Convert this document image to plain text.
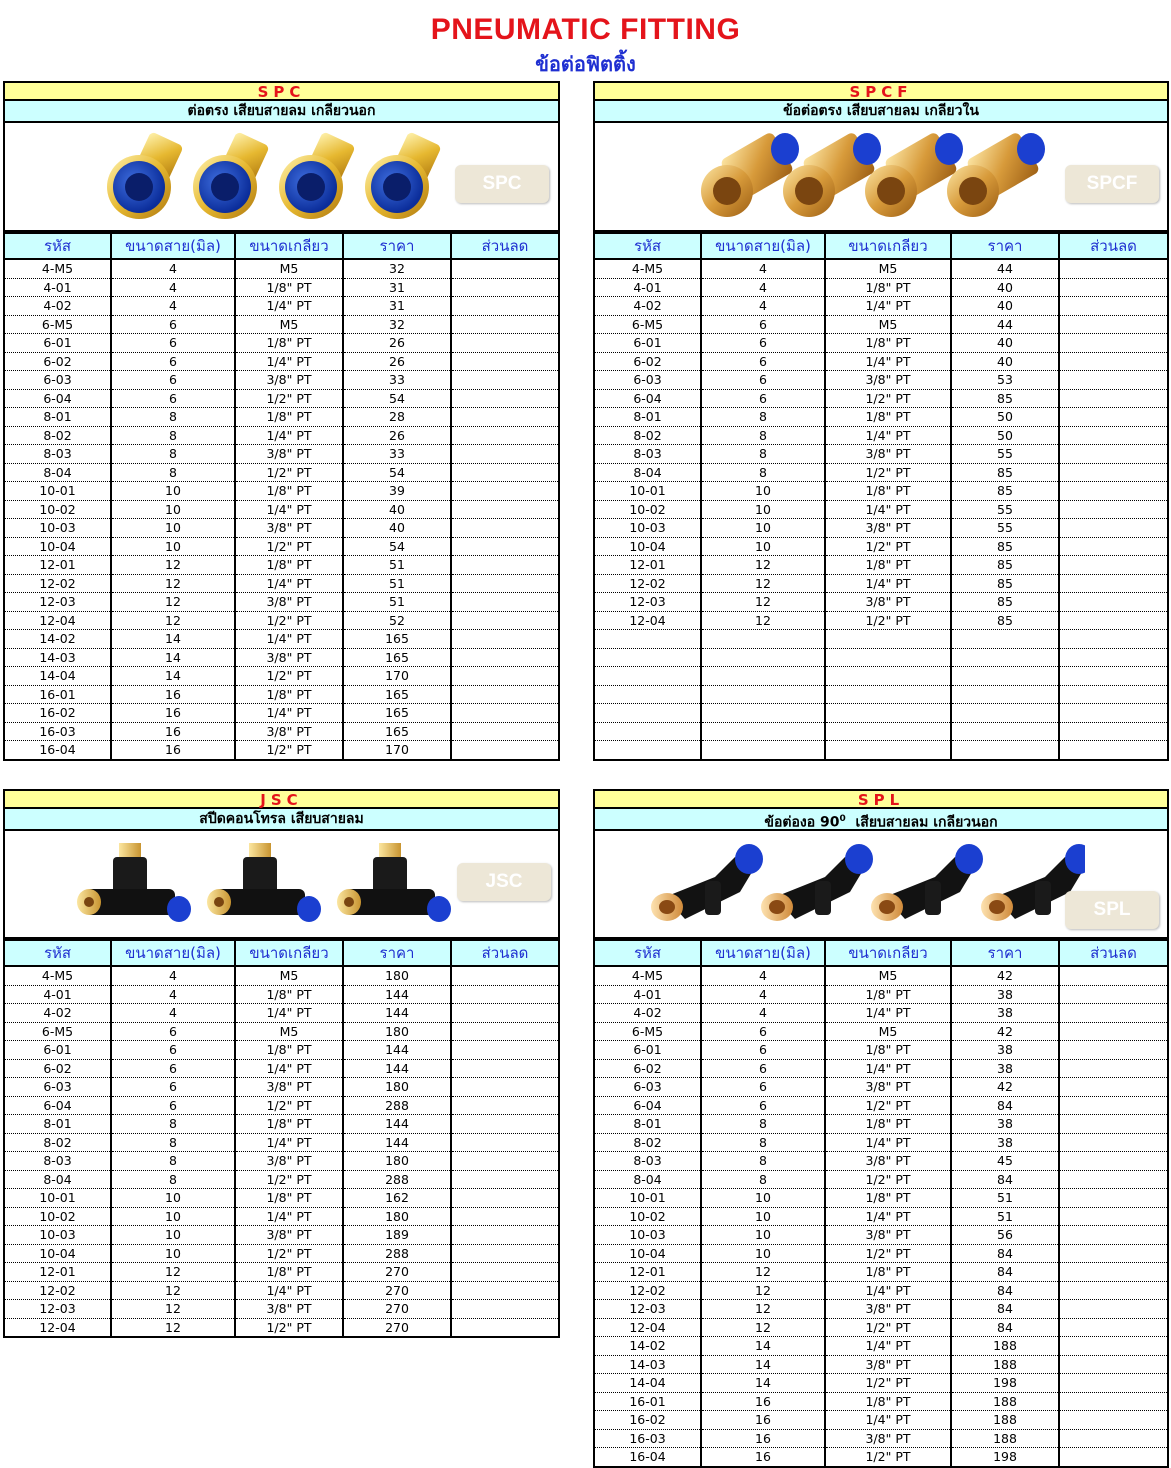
PNEUMATIC FITTING
ข้อต่อฟิตติ้ง
SPC
ต่อตรง เสียบสายลม เกลียวนอก
SPC
รหัส	ขนาดสาย(มิล)	ขนาดเกลียว	ราคา	ส่วนลด
4-M5	4	M5	32	
4-01	4	1/8" PT	31	
4-02	4	1/4" PT	31	
6-M5	6	M5	32	
6-01	6	1/8" PT	26	
6-02	6	1/4" PT	26	
6-03	6	3/8" PT	33	
6-04	6	1/2" PT	54	
8-01	8	1/8" PT	28	
8-02	8	1/4" PT	26	
8-03	8	3/8" PT	33	
8-04	8	1/2" PT	54	
10-01	10	1/8" PT	39	
10-02	10	1/4" PT	40	
10-03	10	3/8" PT	40	
10-04	10	1/2" PT	54	
12-01	12	1/8" PT	51	
12-02	12	1/4" PT	51	
12-03	12	3/8" PT	51	
12-04	12	1/2" PT	52	
14-02	14	1/4" PT	165	
14-03	14	3/8" PT	165	
14-04	14	1/2" PT	170	
16-01	16	1/8" PT	165	
16-02	16	1/4" PT	165	
16-03	16	3/8" PT	165	
16-04	16	1/2" PT	170	
SPCF
ข้อต่อตรง เสียบสายลม เกลียวใน
SPCF
รหัส	ขนาดสาย(มิล)	ขนาดเกลียว	ราคา	ส่วนลด
4-M5	4	M5	44	
4-01	4	1/8" PT	40	
4-02	4	1/4" PT	40	
6-M5	6	M5	44	
6-01	6	1/8" PT	40	
6-02	6	1/4" PT	40	
6-03	6	3/8" PT	53	
6-04	6	1/2" PT	85	
8-01	8	1/8" PT	50	
8-02	8	1/4" PT	50	
8-03	8	3/8" PT	55	
8-04	8	1/2" PT	85	
10-01	10	1/8" PT	85	
10-02	10	1/4" PT	55	
10-03	10	3/8" PT	55	
10-04	10	1/2" PT	85	
12-01	12	1/8" PT	85	
12-02	12	1/4" PT	85	
12-03	12	3/8" PT	85	
12-04	12	1/2" PT	85	

JSC
สปีดคอนโทรล เสียบสายลม
JSC
รหัส	ขนาดสาย(มิล)	ขนาดเกลียว	ราคา	ส่วนลด
4-M5	4	M5	180	
4-01	4	1/8" PT	144	
4-02	4	1/4" PT	144	
6-M5	6	M5	180	
6-01	6	1/8" PT	144	
6-02	6	1/4" PT	144	
6-03	6	3/8" PT	180	
6-04	6	1/2" PT	288	
8-01	8	1/8" PT	144	
8-02	8	1/4" PT	144	
8-03	8	3/8" PT	180	
8-04	8	1/2" PT	288	
10-01	10	1/8" PT	162	
10-02	10	1/4" PT	180	
10-03	10	3/8" PT	189	
10-04	10	1/2" PT	288	
12-01	12	1/8" PT	270	
12-02	12	1/4" PT	270	
12-03	12	3/8" PT	270	
12-04	12	1/2" PT	270	
SPL
ข้อต่องอ $90^0$  เสียบสายลม เกลียวนอก
SPL
รหัส	ขนาดสาย(มิล)	ขนาดเกลียว	ราคา	ส่วนลด
4-M5	4	M5	42	
4-01	4	1/8" PT	38	
4-02	4	1/4" PT	38	
6-M5	6	M5	42	
6-01	6	1/8" PT	38	
6-02	6	1/4" PT	38	
6-03	6	3/8" PT	42	
6-04	6	1/2" PT	84	
8-01	8	1/8" PT	38	
8-02	8	1/4" PT	38	
8-03	8	3/8" PT	45	
8-04	8	1/2" PT	84	
10-01	10	1/8" PT	51	
10-02	10	1/4" PT	51	
10-03	10	3/8" PT	56	
10-04	10	1/2" PT	84	
12-01	12	1/8" PT	84	
12-02	12	1/4" PT	84	
12-03	12	3/8" PT	84	
12-04	12	1/2" PT	84	
14-02	14	1/4" PT	188	
14-03	14	3/8" PT	188	
14-04	14	1/2" PT	198	
16-01	16	1/8" PT	188	
16-02	16	1/4" PT	188	
16-03	16	3/8" PT	188	
16-04	16	1/2" PT	198	
